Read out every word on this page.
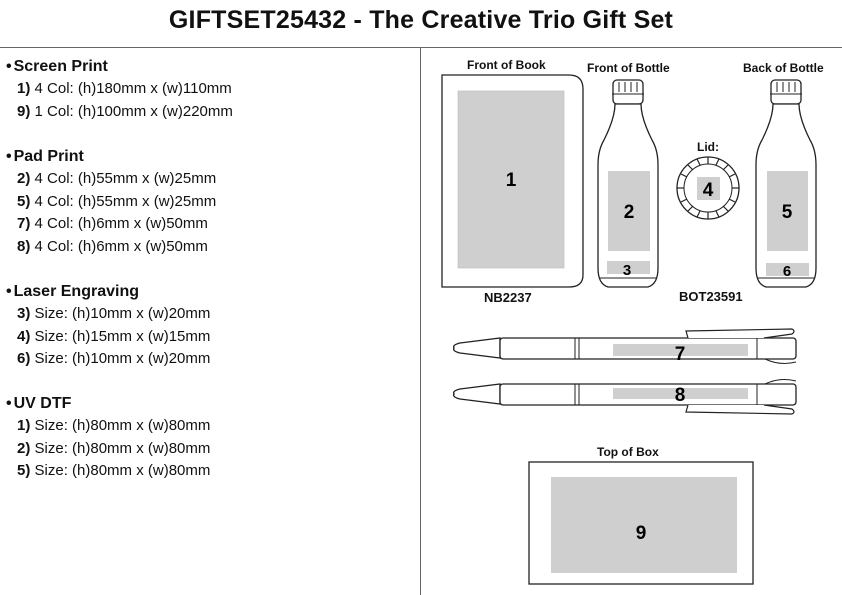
GIFTSET25432 - The Creative Trio Gift Set
• Screen Print
1) 4 Col: (h)180mm x (w)110mm
9) 1 Col: (h)100mm x (w)220mm
• Pad Print
2) 4 Col: (h)55mm x (w)25mm
5) 4 Col: (h)55mm x (w)25mm
7) 4 Col: (h)6mm x (w)50mm
8) 4 Col: (h)6mm x (w)50mm
• Laser Engraving
3) Size: (h)10mm x (w)20mm
4) Size: (h)15mm x (w)15mm
6) Size: (h)10mm x (w)20mm
• UV DTF
1) Size: (h)80mm x (w)80mm
2) Size: (h)80mm x (w)80mm
5) Size: (h)80mm x (w)80mm
Front of Book	Front of Bottle	Back of Bottle
Lid:
NB2237	BOT23591
Top of Box
1
2
3
4
5
6
7
8
9
